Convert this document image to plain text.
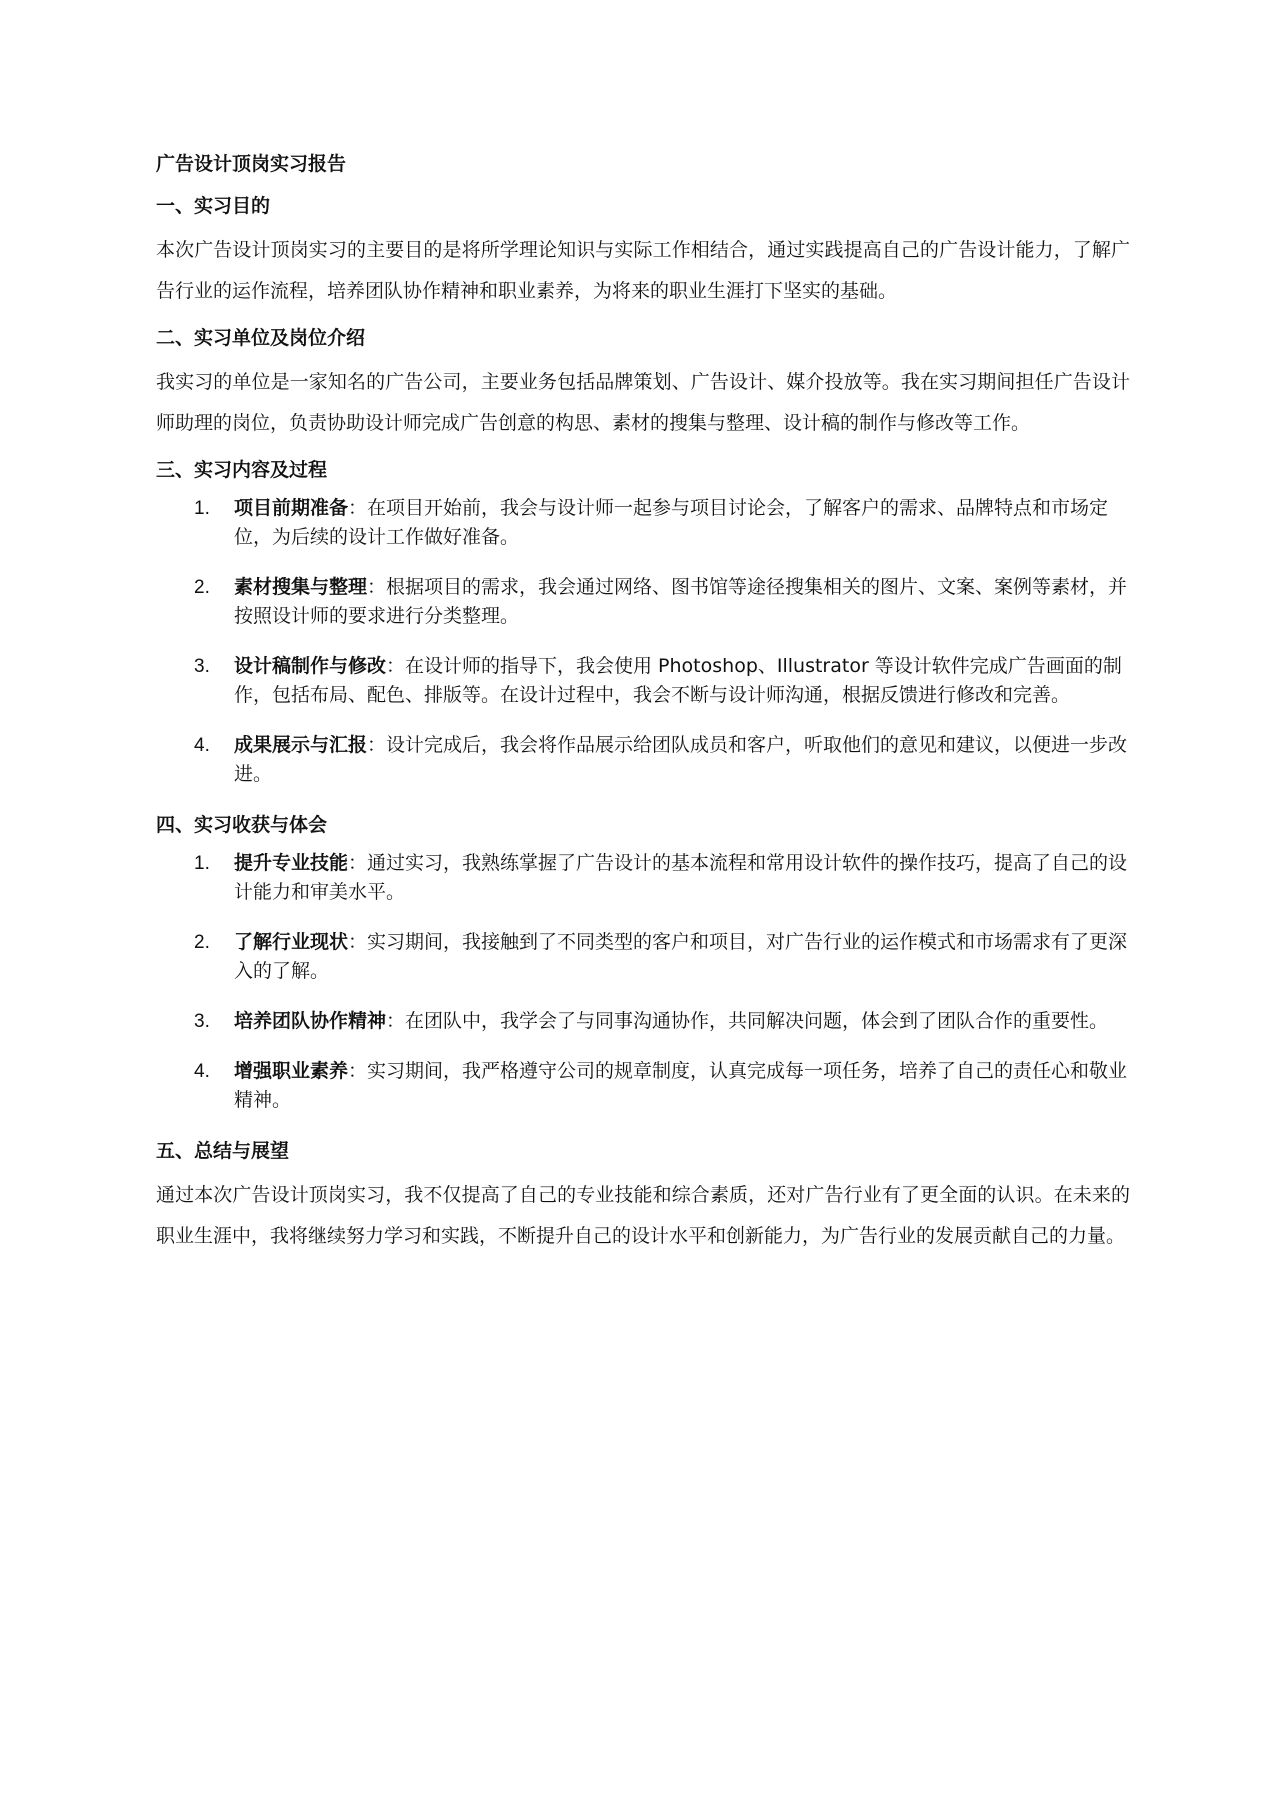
广告设计顶岗实习报告
一、实习目的

本次广告设计顶岗实习的主要目的是将所学理论知识与实际工作相结合，通过实践提高自己的广告设计能力，了解广告行业的运作流程，培养团队协作精神和职业素养，为将来的职业生涯打下坚实的基础。

二、实习单位及岗位介绍

我实习的单位是一家知名的广告公司，主要业务包括品牌策划、广告设计、媒介投放等。我在实习期间担任广告设计师助理的岗位，负责协助设计师完成广告创意的构思、素材的搜集与整理、设计稿的制作与修改等工作。

三、实习内容及过程
1. 项目前期准备：在项目开始前，我会与设计师一起参与项目讨论会，了解客户的需求、品牌特点和市场定位，为后续的设计工作做好准备。
2. 素材搜集与整理：根据项目的需求，我会通过网络、图书馆等途径搜集相关的图片、文案、案例等素材，并按照设计师的要求进行分类整理。
3. 设计稿制作与修改：在设计师的指导下，我会使用 Photoshop、Illustrator 等设计软件完成广告画面的制作，包括布局、配色、排版等。在设计过程中，我会不断与设计师沟通，根据反馈进行修改和完善。
4. 成果展示与汇报：设计完成后，我会将作品展示给团队成员和客户，听取他们的意见和建议，以便进一步改进。
四、实习收获与体会
1. 提升专业技能：通过实习，我熟练掌握了广告设计的基本流程和常用设计软件的操作技巧，提高了自己的设计能力和审美水平。
2. 了解行业现状：实习期间，我接触到了不同类型的客户和项目，对广告行业的运作模式和市场需求有了更深入的了解。
3. 培养团队协作精神：在团队中，我学会了与同事沟通协作，共同解决问题，体会到了团队合作的重要性。
4. 增强职业素养：实习期间，我严格遵守公司的规章制度，认真完成每一项任务，培养了自己的责任心和敬业精神。
五、总结与展望

通过本次广告设计顶岗实习，我不仅提高了自己的专业技能和综合素质，还对广告行业有了更全面的认识。在未来的职业生涯中，我将继续努力学习和实践，不断提升自己的设计水平和创新能力，为广告行业的发展贡献自己的力量。
